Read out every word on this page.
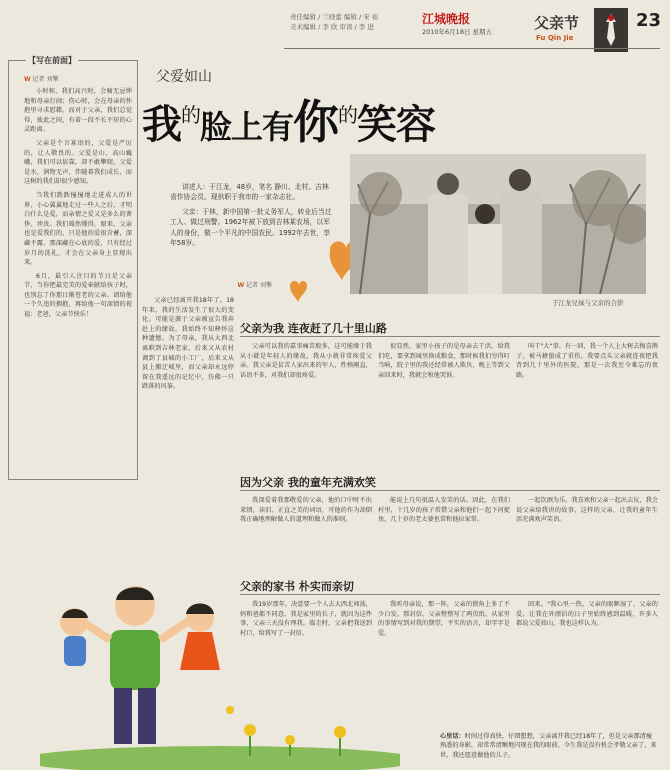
责任编辑 / 兰晓蕾 编辑 / 宋 裕
美术编辑 / 李 欣 审读 / 李 进
江城晚报
2010年6月18日 星期五	父亲节
Fu Qin Jie
23
【写在前面】
W 记者 刘擎

小时候，我们高兴时，会骑无忌惮地和母亲打闹；伤心时，会在母亲的怀抱里寻求慰藉。而对于父亲，我们总觉得，彼此之间，有着一段不长不短的心灵距离。

父亲是个言寡语的，父爱是严厉的，让人敬畏的。父爱是山，高山巍峨，我们可以依靠，却不敢攀爬。父爱是水，润物无声，伴随着我们成长，而这树的我们却很少感知。

当我们跌跌撞撞地走进成人的世界，小心翼翼地走过一些人之后，才明白什么是爱，而亲情之爱又是多么的奢侈、珍贵。我们蓦然懂得，原来，父亲也是爱我们的，只是他的爱很含蓄，深藏不露，那深藏在心底的爱，只有经过岁月的洗礼，才会在父亲身上显现出来。

6月，最引人注目的节日是父亲节，当你把最完美的爱奉献给孩子时，也别忘了你那日渐苍老的父亲。请给他一个久违的拥抱，再给他一句深情的祝福：老爸，父亲节快乐！

父爱如山
我$^的$脸上有你$^的$笑容

讲述人：于江龙，48岁，笔名 静川、北村。吉林省作协会员。现供职于我市的一家杂志社。

父亲：于林，新中国第一批义务军人，转业后当过工人、做过刑警。1962年被下放到吉林某农场，以军人的身份，做一个平凡的中国农民。1992年去世，享年58岁。

于江龙兄妹与父亲的合影
W 记者 刘擎
父亲已经离开我18年了。18年来，我的生活发生了很大的变化。可能是源于父亲被宣告我奔赴上的缘故，我始终不知释怀这种遗憾。为了母亲，我从大西北离职到吉林老家，后来又从农村调到了县城的小工厂，后来又从县上搬迁城里，而父亲却永远停留在我遥远的记忆中，仿佛一只跌落的风筝。
父亲为我 连夜赶了几十里山路
父亲可以我的嘉事痛苦般多，这可能缘于我从小就是年轻人的缘故，我从小就非常疼爱父亲。我父亲是贫苦人家出来的军人，性格刚直，话语不多，对我们却很疼爱。
很显然，家里小孩子的是母亲去干活，给我们吃，要拿到城里换成粮食，那时候我们穷得叮当响，院子里的我还经常被人欺负，晚上等到父亲回来时，我就会和他哭诉。
叫干"大"事。有一回，我一个人上大树去掏喜鹊子，被马蜂蛰成了重伤。我要点头父亲就连夜把我背到几十里外的医院，那是一次我至今难忘的夜路。
因为父亲 我的童年充满欢笑
我深爱着我那敬爱的父亲，他的口中时不出来情，读旧、正直之美的词语，可他的作为却倒我正确地理解做人的道理和做人的准则。
能说上几句很温人发笑的话。因此，在我们村里，十几岁的孩子常借父亲和他们一起下河捉鱼，几十岁的老太婆也常和他拉家常。
一起饮酒为乐。我喜欢和父亲一起出去玩，我会说父亲给我讲的故事，这样的父亲，让我的童年生活充满欢声笑语。
父亲的家书 朴实而亲切
我19岁那年，决意要一个人去大西北闯荡，妈和爸都不同意。我是家里的长子，就因为这件事，父亲三天没有理我。临走时，父亲把我送到村口，给我写了一封信。
我听母亲说，那一阵，父亲的鬓角上多了不少白发。那封信，父亲整整写了两页纸，从家里的事情写到对我的期望，平实的语言，却字字是爱。
回来。"我心里一热，父亲的眼眶湿了。父亲的爱，让我在外漂泊的日子里始终感到温暖，许多人都说父爱如山，我也这样认为。
心里话：时间过得真快，仔细想想，父亲离开我已经18年了，但是父亲那清瘦熟悉的身影，却常常清晰地闪现在我的眼前。今生我是没有机会孝敬父亲了，来世，我还愿意做他的儿子。
